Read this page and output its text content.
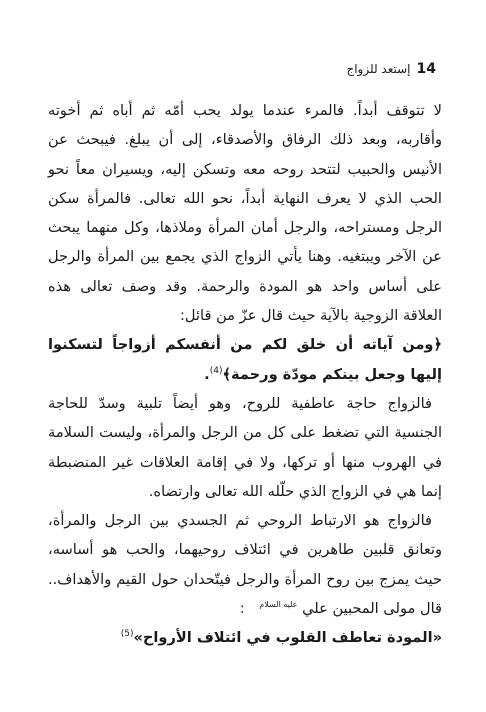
14
إستعد للزواج

لا تتوقف أبداً. فالمرء عندما يولد يحب أمّه ثم أباه ثم أخوته وأقاربه، وبعد ذلك الرفاق والأصدقاء، إلى أن يبلغ. فيبحث عن الأنيس والحبيب لتتحد روحه معه وتسكن إليه، ويسيران معاً نحو الحب الذي لا يعرف النهاية أبداً، نحو الله تعالى. فالمرأة سكن الرجل ومستراحه، والرجل أمان المرأة وملاذها، وكل منهما يبحث عن الآخر ويبتغيه. وهنا يأتي الزواج الذي يجمع بين المرأة والرجل على أساس واحد هو المودة والرحمة. وقد وصف تعالى هذه العلاقة الزوجية بالآية حيث قال عزّ من قائل:

﴿ومن آياته أن خلق لكم من أنفسكم أزواجاً لتسكنوا إليها وجعل بينكم مودّة ورحمة﴾(4).

فالزواج حاجة عاطفية للروح، وهو أيضاً تلبية وسدّ للحاجة الجنسية التي تضغط على كل من الرجل والمرأة، وليست السلامة في الهروب منها أو تركها، ولا في إقامة العلاقات غير المنضبطة إنما هي في الزواج الذي حلّله الله تعالى وارتضاه.

فالزواج هو الارتباط الروحي ثم الجسدي بين الرجل والمرأة، وتعانق قلبين طاهرين في ائتلاف روحيهما، والحب هو أساسه، حيث يمزج بين روح المرأة والرجل فيتّحدان حول القيم والأهداف.. قال مولى المحبين علي عليه السلام :

«المودة تعاطف القلوب في ائتلاف الأرواح»(5)
